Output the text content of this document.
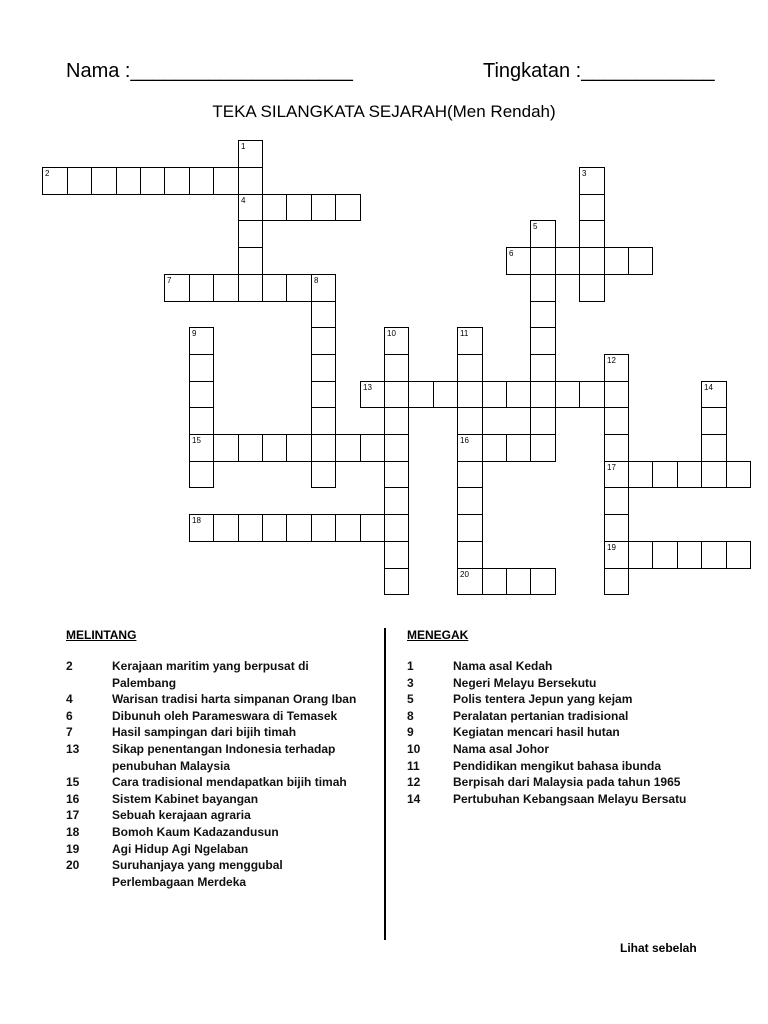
Nama :____________________	Tingkatan :____________
TEKA SILANGKATA SEJARAH(Men Rendah)
2
1
4
3
5
6
7	8
9
15
10	11
16
20
12
17
19
13	14
18
MELINTANG
2	Kerajaan maritim yang berpusat di Palembang
4	Warisan tradisi harta simpanan Orang Iban
6	Dibunuh oleh Parameswara di Temasek
7	Hasil sampingan dari bijih timah
13	Sikap penentangan Indonesia terhadap penubuhan Malaysia
15	Cara tradisional mendapatkan bijih timah
16	Sistem Kabinet bayangan
17	Sebuah kerajaan agraria
18	Bomoh Kaum Kadazandusun
19	Agi Hidup Agi Ngelaban
20	Suruhanjaya yang menggubal Perlembagaan Merdeka
MENEGAK
1	Nama asal Kedah
3	Negeri Melayu Bersekutu
5	Polis tentera Jepun yang kejam
8	Peralatan pertanian tradisional
9	Kegiatan mencari hasil hutan
10	Nama asal Johor
11	Pendidikan mengikut bahasa ibunda
12	Berpisah dari Malaysia pada tahun 1965
14	Pertubuhan Kebangsaan Melayu Bersatu
Lihat sebelah
